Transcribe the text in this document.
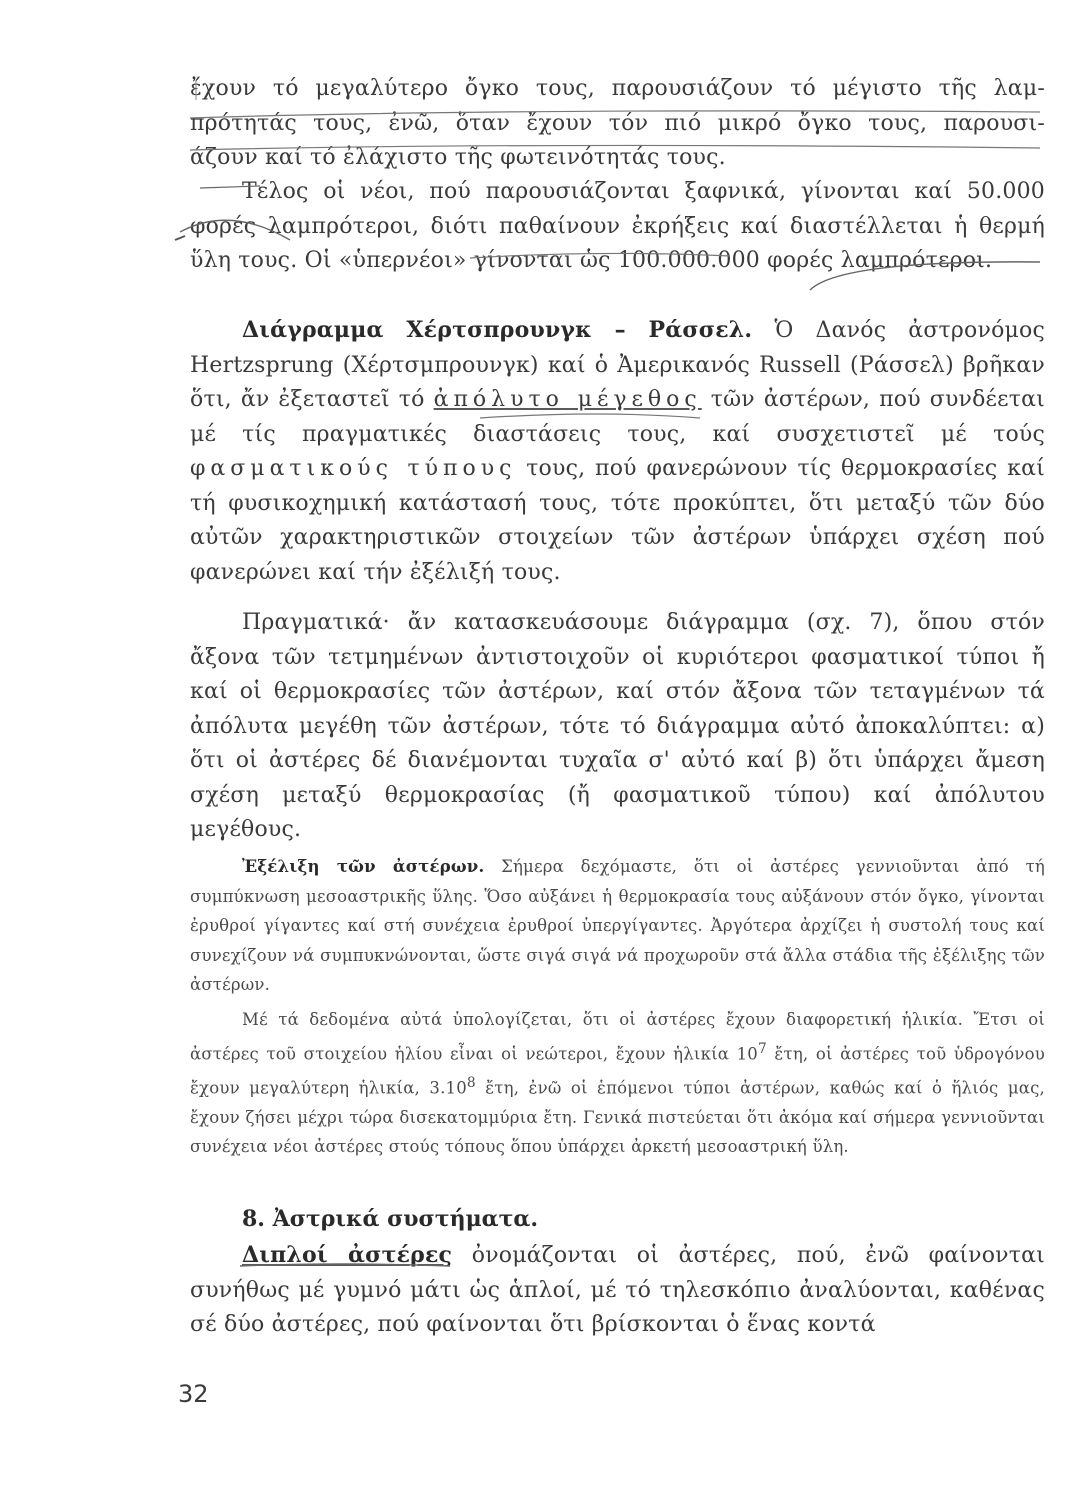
ἔχουν τό μεγαλύτερο ὄγκο τους, παρουσιάζουν τό μέγιστο τῆς λαμ-

πρότητάς τους, ἐνῶ, ὅταν ἔχουν τόν πιό μικρό ὄγκο τους, παρουσι-

άζουν καί τό ἐλάχιστο τῆς φωτεινότητάς τους.

Τέλος οἱ νέοι, πού παρουσιάζονται ξαφνικά, γίνονται καί 50.000 φορές λαμπρότεροι, διότι παθαίνουν ἐκρήξεις καί διαστέλλεται ἡ θερμή ὕλη τους. Οἱ «ὑπερνέοι» γίνονται ὡς 100.000.000 φορές λαμπρότεροι.

Διάγραμμα Χέρτσπρουνγκ – Ράσσελ. Ὁ Δανός ἀστρονόμος Hertzsprung (Χέρτσμπρουνγκ) καί ὁ Ἀμερικανός Russell (Ράσσελ) βρῆκαν ὅτι, ἄν ἐξεταστεῖ τό ἀπόλυτο μέγεθος τῶν ἀστέρων, πού συνδέεται μέ τίς πραγματικές διαστάσεις τους, καί συσχετιστεῖ μέ τούς φασματικούς τύπους τους, πού φανερώνουν τίς θερμοκρασίες καί τή φυσικοχημική κατάστασή τους, τότε προκύπτει, ὅτι μεταξύ τῶν δύο αὐτῶν χαρακτηριστικῶν στοιχείων τῶν ἀστέρων ὑπάρχει σχέση πού φανερώνει καί τήν ἐξέλιξή τους.

Πραγματικά· ἄν κατασκευάσουμε διάγραμμα (σχ. 7), ὅπου στόν ἄξονα τῶν τετμημένων ἀντιστοιχοῦν οἱ κυριότεροι φασματικοί τύποι ἤ καί οἱ θερμοκρασίες τῶν ἀστέρων, καί στόν ἄξονα τῶν τεταγμένων τά ἀπόλυτα μεγέθη τῶν ἀστέρων, τότε τό διάγραμμα αὐτό ἀποκαλύπτει: α) ὅτι οἱ ἀστέρες δέ διανέμονται τυχαῖα σ' αὐτό καί β) ὅτι ὑπάρχει ἄμεση σχέση μεταξύ θερμοκρασίας (ἤ φασματικοῦ τύπου) καί ἀπόλυτου μεγέθους.

Ἐξέλιξη τῶν ἀστέρων. Σήμερα δεχόμαστε, ὅτι οἱ ἀστέρες γεννιοῦνται ἀπό τή συμπύκνωση μεσοαστρικῆς ὕλης. Ὅσο αὐξάνει ἡ θερμοκρασία τους αὐξάνουν στόν ὄγκο, γίνονται ἐρυθροί γίγαντες καί στή συνέχεια ἐρυθροί ὑπεργίγαντες. Ἀργότερα ἀρχίζει ἡ συστολή τους καί συνεχίζουν νά συμπυκνώνονται, ὥστε σιγά σιγά νά προχωροῦν στά ἄλλα στάδια τῆς ἐξέλιξης τῶν ἀστέρων.

Μέ τά δεδομένα αὐτά ὑπολογίζεται, ὅτι οἱ ἀστέρες ἔχουν διαφορετική ἡλικία. Ἔτσι οἱ ἀστέρες τοῦ στοιχείου ἡλίου εἶναι οἱ νεώτεροι, ἔχουν ἡλικία $10^7$ ἔτη, οἱ ἀστέρες τοῦ ὑδρογόνου ἔχουν μεγαλύτερη ἡλικία, 3.10$^8$ ἔτη, ἐνῶ οἱ ἑπόμενοι τύποι ἀστέρων, καθώς καί ὁ ἥλιός μας, ἔχουν ζήσει μέχρι τώρα δισεκατομμύρια ἔτη. Γενικά πιστεύεται ὅτι ἀκόμα καί σήμερα γεννιοῦνται συνέχεια νέοι ἀστέρες στούς τόπους ὅπου ὑπάρχει ἀρκετή μεσοαστρική ὕλη.

8. Ἀστρικά συστήματα.

Διπλοί ἀστέρες ὀνομάζονται οἱ ἀστέρες, πού, ἐνῶ φαίνονται συνήθως μέ γυμνό μάτι ὡς ἁπλοί, μέ τό τηλεσκόπιο ἀναλύονται, καθένας σέ δύο ἀστέρες, πού φαίνονται ὅτι βρίσκονται ὁ ἕνας κοντά

32
